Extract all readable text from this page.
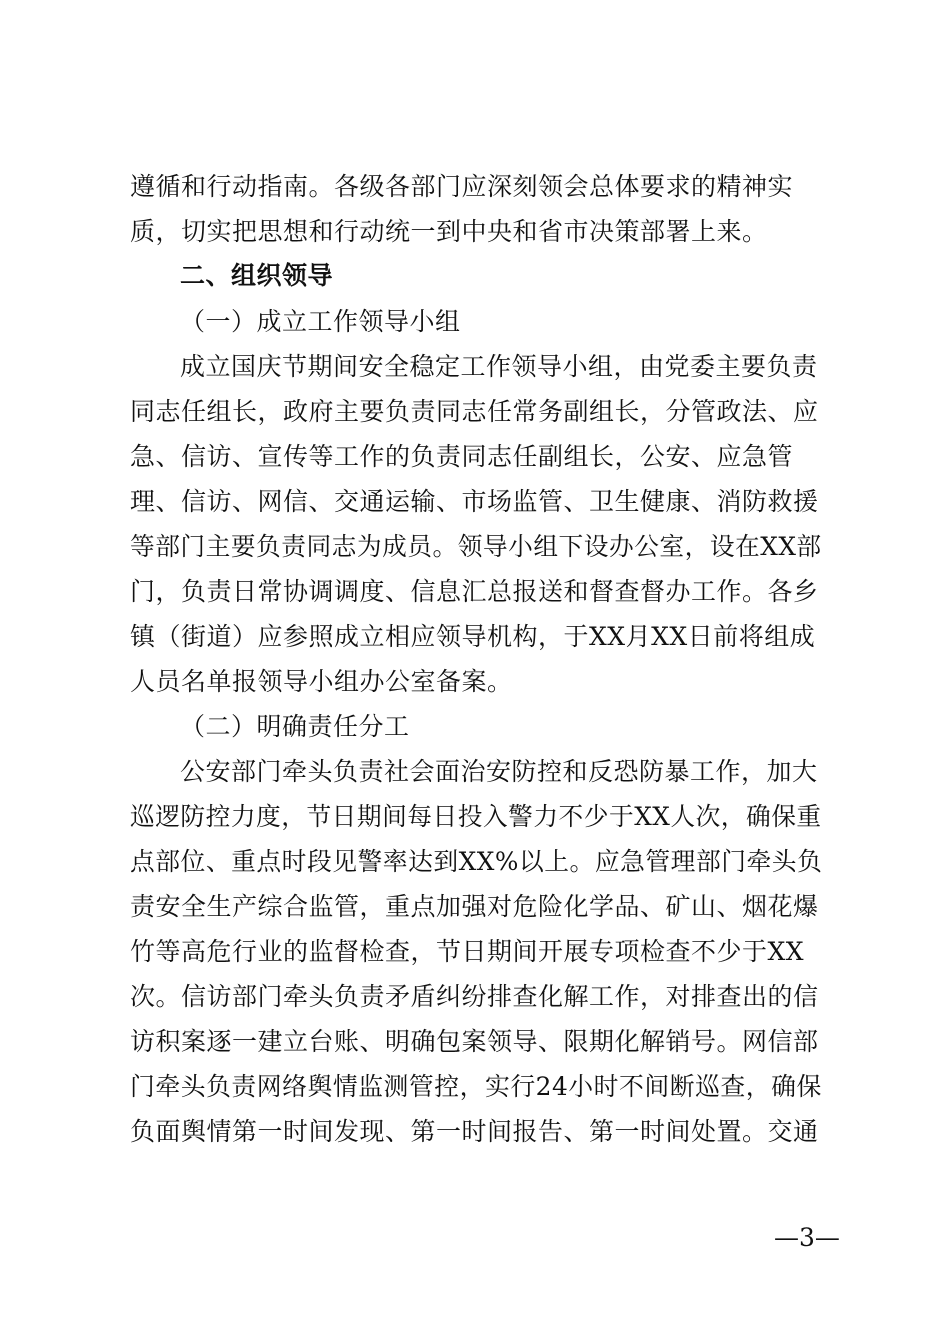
遵循和行动指南。各级各部门应深刻领会总体要求的精神实
质，切实把思想和行动统一到中央和省市决策部署上来。
二、组织领导
（一）成立工作领导小组
成立国庆节期间安全稳定工作领导小组，由党委主要负责
同志任组长，政府主要负责同志任常务副组长，分管政法、应
急、信访、宣传等工作的负责同志任副组长，公安、应急管
理、信访、网信、交通运输、市场监管、卫生健康、消防救援
等部门主要负责同志为成员。领导小组下设办公室，设在XX部
门，负责日常协调调度、信息汇总报送和督查督办工作。各乡
镇（街道）应参照成立相应领导机构，于XX月XX日前将组成
人员名单报领导小组办公室备案。
（二）明确责任分工
公安部门牵头负责社会面治安防控和反恐防暴工作，加大
巡逻防控力度，节日期间每日投入警力不少于XX人次，确保重
点部位、重点时段见警率达到XX%以上。应急管理部门牵头负
责安全生产综合监管，重点加强对危险化学品、矿山、烟花爆
竹等高危行业的监督检查，节日期间开展专项检查不少于XX
次。信访部门牵头负责矛盾纠纷排查化解工作，对排查出的信
访积案逐一建立台账、明确包案领导、限期化解销号。网信部
门牵头负责网络舆情监测管控，实行24小时不间断巡查，确保
负面舆情第一时间发现、第一时间报告、第一时间处置。交通
—3—
